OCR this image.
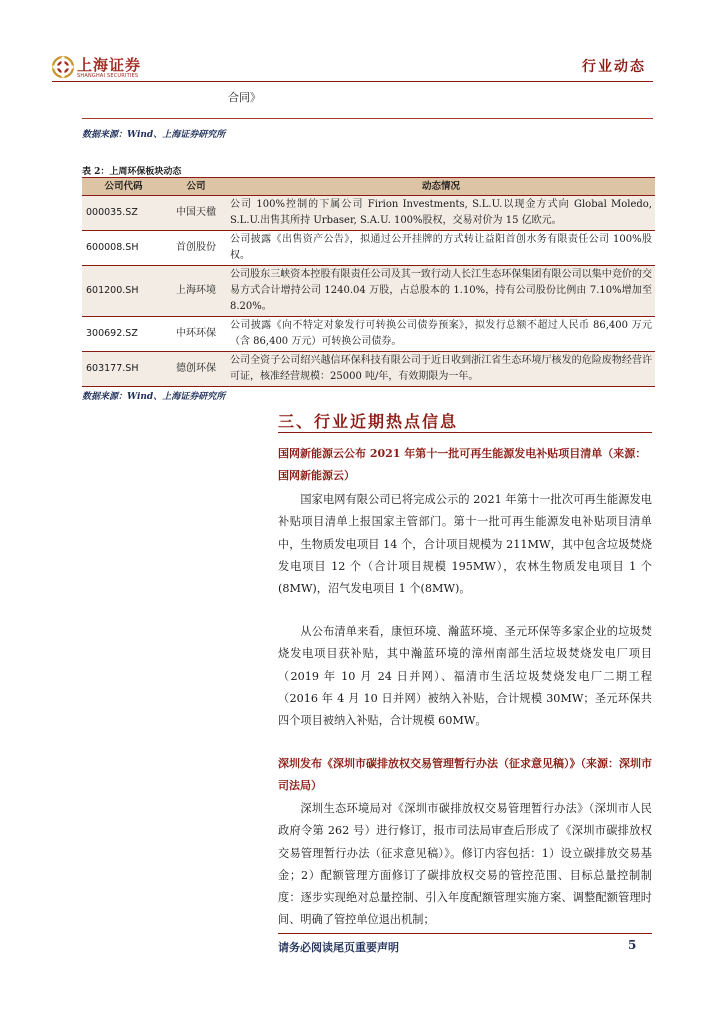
上海证券
SHANGHAI SECURITIES
行业动态
合同》
数据来源：Wind、上海证券研究所
表 2：上周环保板块动态
公司代码	公司	动态情况
000035.SZ	中国天楹	公司 100%控制的下属公司 Firion Investments, S.L.U.以现金方式向 Global Moledo, S.L.U.出售其所持 Urbaser, S.A.U. 100%股权，交易对价为 15 亿欧元。
600008.SH	首创股份	公司披露《出售资产公告》，拟通过公开挂牌的方式转让益阳首创水务有限责任公司 100%股权。
601200.SH	上海环境	公司股东三峡资本控股有限责任公司及其一致行动人长江生态环保集团有限公司以集中竞价的交易方式合计增持公司 1240.04 万股，占总股本的 1.10%，持有公司股份比例由 7.10%增加至 8.20%。
300692.SZ	中环环保	公司披露《向不特定对象发行可转换公司债券预案》，拟发行总额不超过人民币 86,400 万元（含 86,400 万元）可转换公司债券。
603177.SH	德创环保	公司全资子公司绍兴越信环保科技有限公司于近日收到浙江省生态环境厅核发的危险废物经营许可证，核准经营规模：25000 吨/年，有效期限为一年。
数据来源：Wind、上海证券研究所
三、行业近期热点信息
国网新能源云公布 2021 年第十一批可再生能源发电补贴项目清单（来源：国网新能源云）
国家电网有限公司已将完成公示的 2021 年第十一批次可再生能源发电补贴项目清单上报国家主管部门。第十一批可再生能源发电补贴项目清单中，生物质发电项目 14 个，合计项目规模为 211MW，其中包含垃圾焚烧发电项目 12 个（合计项目规模 195MW），农林生物质发电项目 1 个(8MW)，沼气发电项目 1 个(8MW)。
从公布清单来看，康恒环境、瀚蓝环境、圣元环保等多家企业的垃圾焚烧发电项目获补贴，其中瀚蓝环境的漳州南部生活垃圾焚烧发电厂项目（2019 年 10 月 24 日并网）、福清市生活垃圾焚烧发电厂二期工程（2016 年 4 月 10 日并网）被纳入补贴，合计规模 30MW；圣元环保共四个项目被纳入补贴，合计规模 60MW。
深圳发布《深圳市碳排放权交易管理暂行办法（征求意见稿）》（来源：深圳市司法局）
深圳生态环境局对《深圳市碳排放权交易管理暂行办法》（深圳市人民政府令第 262 号）进行修订，报市司法局审查后形成了《深圳市碳排放权交易管理暂行办法（征求意见稿）》。修订内容包括：1）设立碳排放交易基金；2）配额管理方面修订了碳排放权交易的管控范围、目标总量控制制度：逐步实现绝对总量控制、引入年度配额管理实施方案、调整配额管理时间、明确了管控单位退出机制；
请务必阅读尾页重要声明	5
